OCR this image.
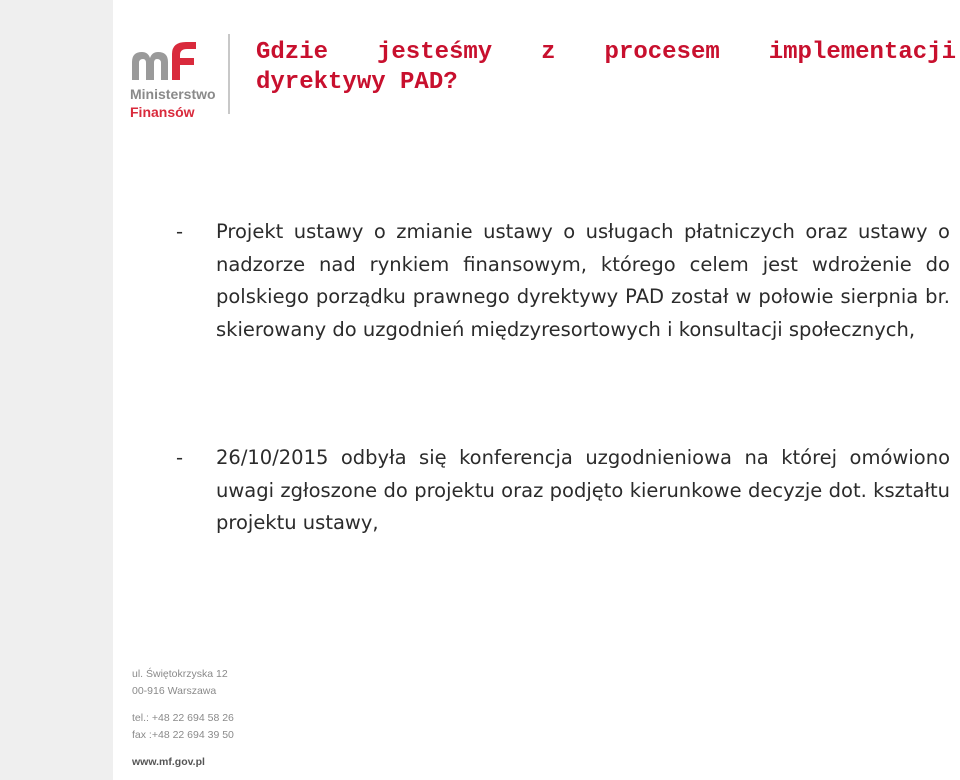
Ministerstwo
Finansów
Gdzie jesteśmy z procesem implementacji
dyrektywy PAD?
- Projekt ustawy o zmianie ustawy o usługach płatniczych oraz ustawy o nadzorze nad rynkiem finansowym, którego celem jest wdrożenie do polskiego porządku prawnego dyrektywy PAD został w połowie sierpnia br. skierowany do uzgodnień międzyresortowych i konsultacji społecznych,
- 26/10/2015 odbyła się konferencja uzgodnieniowa na której omówiono uwagi zgłoszone do projektu oraz podjęto kierunkowe decyzje dot. kształtu projektu ustawy,
ul. Świętokrzyska 12
00-916 Warszawa
tel.: +48 22 694 58 26
fax :+48 22 694 39 50
www.mf.gov.pl
